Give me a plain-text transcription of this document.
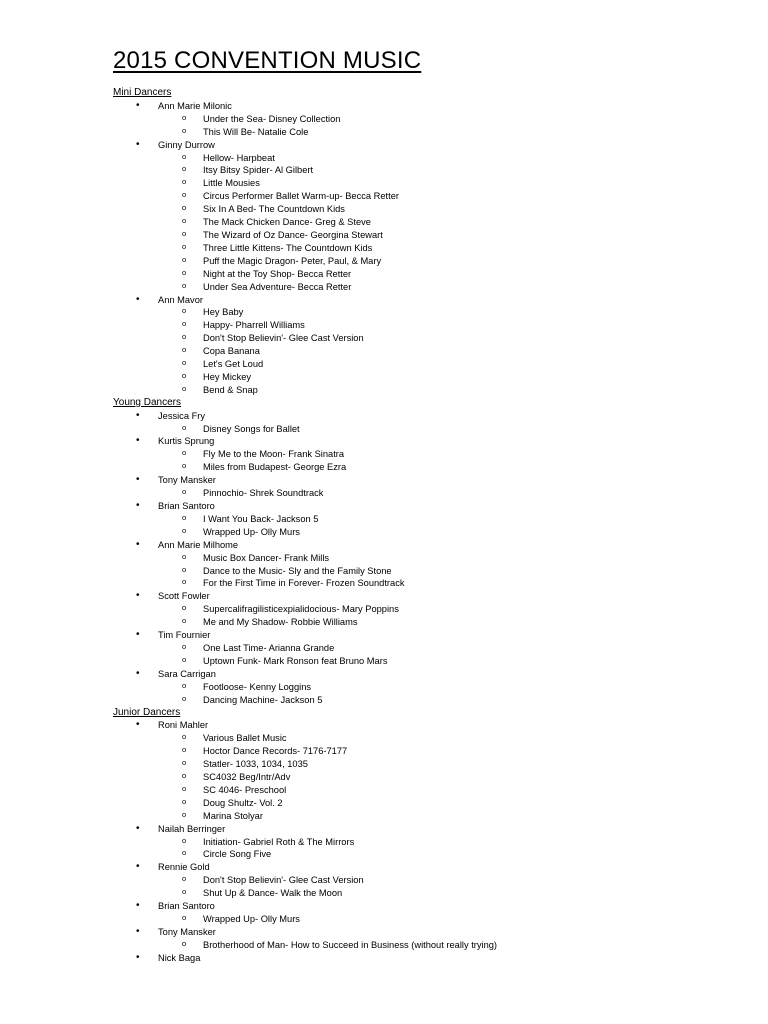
2015 CONVENTION MUSIC
Mini Dancers
• Ann Marie Milonic
o Under the Sea- Disney Collection
o This Will Be- Natalie Cole
• Ginny Durrow
o Hellow- Harpbeat
o Itsy Bitsy Spider- Al Gilbert
o Little Mousies
o Circus Performer Ballet Warm-up- Becca Retter
o Six In A Bed- The Countdown Kids
o The Mack Chicken Dance- Greg & Steve
o The Wizard of Oz Dance- Georgina Stewart
o Three Little Kittens- The Countdown Kids
o Puff the Magic Dragon- Peter, Paul, & Mary
o Night at the Toy Shop- Becca Retter
o Under Sea Adventure- Becca Retter
• Ann Mavor
o Hey Baby
o Happy- Pharrell Williams
o Don't Stop Believin'- Glee Cast Version
o Copa Banana
o Let's Get Loud
o Hey Mickey
o Bend & Snap
Young Dancers
• Jessica Fry
o Disney Songs for Ballet
• Kurtis Sprung
o Fly Me to the Moon- Frank Sinatra
o Miles from Budapest- George Ezra
• Tony Mansker
o Pinnochio- Shrek Soundtrack
• Brian Santoro
o I Want You Back- Jackson 5
o Wrapped Up- Olly Murs
• Ann Marie Milhome
o Music Box Dancer- Frank Mills
o Dance to the Music- Sly and the Family Stone
o For the First Time in Forever- Frozen Soundtrack
• Scott Fowler
o Supercalifragilisticexpialidocious- Mary Poppins
o Me and My Shadow- Robbie Williams
• Tim Fournier
o One Last Time- Arianna Grande
o Uptown Funk- Mark Ronson feat Bruno Mars
• Sara Carrigan
o Footloose- Kenny Loggins
o Dancing Machine- Jackson 5
Junior Dancers
• Roni Mahler
o Various Ballet Music
o Hoctor Dance Records- 7176-7177
o Statler- 1033, 1034, 1035
o SC4032 Beg/Intr/Adv
o SC 4046- Preschool
o Doug Shultz- Vol. 2
o Marina Stolyar
• Nailah Berringer
o Initiation- Gabriel Roth & The Mirrors
o Circle Song Five
• Rennie Gold
o Don't Stop Believin'- Glee Cast Version
o Shut Up & Dance- Walk the Moon
• Brian Santoro
o Wrapped Up- Olly Murs
• Tony Mansker
o Brotherhood of Man- How to Succeed in Business (without really trying)
• Nick Baga
